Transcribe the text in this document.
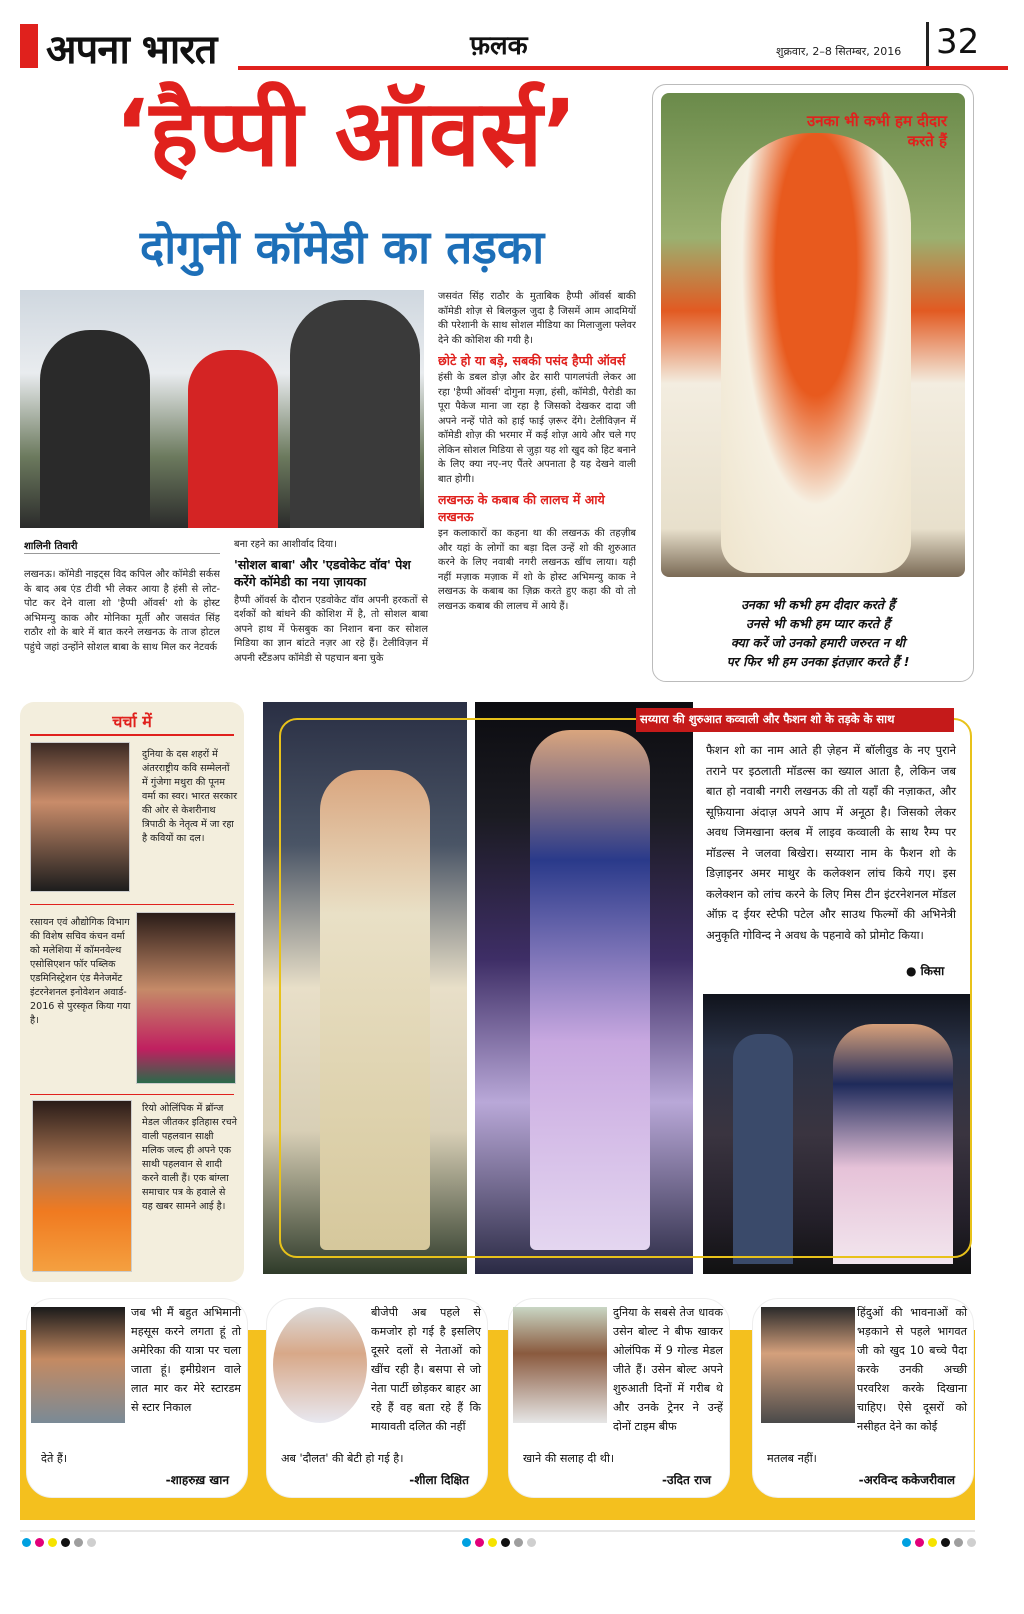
अपना भारत	फ़लक	शुक्रवार, 2–8 सितम्बर, 2016 32
‘हैप्पी ऑवर्स’
दोगुनी कॉमेडी का तड़का

जसवंत सिंह राठौर के मुताबिक हैप्पी ऑवर्स बाकी कॉमेडी शोज़ से बिलकुल जुदा है जिसमें आम आदमियों की परेशानी के साथ सोशल मीडिया का मिलाजुला फ्लेवर देने की कोशिश की गयी है।

छोटे हो या बड़े, सबकी पसंद हैप्पी ऑवर्स

हंसी के डबल डोज़ और ढेर सारी पागलपंती लेकर आ रहा 'हैप्पी ऑवर्स' दोगुना मज़ा, हंसी, कॉमेडी, पैरोडी का पूरा पैकेज माना जा रहा है जिसको देखकर दादा जी अपने नन्हें पोते को हाई फाई ज़रूर देंगे। टेलीविज़न में कॉमेडी शोज़ की भरमार में कई शोज़ आये और चले गए लेकिन सोशल मिडिया से जुड़ा यह शो खुद को हिट बनाने के लिए क्या नए-नए पैंतरे अपनाता है यह देखने वाली बात होगी।

लखनऊ के कबाब की लालच में आये लखनऊ

इन कलाकारों का कहना था की लखनऊ की तहज़ीब और यहां के लोगों का बड़ा दिल उन्हें शो की शुरुआत करने के लिए नवाबी नगरी लखनऊ खींच लाया। यही नहीं मज़ाक मज़ाक में शो के होस्ट अभिमन्यु काक ने लखनऊ के कबाब का ज़िक्र करते हुए कहा की वो तो लखनऊ कबाब की लालच में आये हैं।

शालिनी तिवारी

लखनऊ। कॉमेडी नाइट्स विद कपिल और कॉमेडी सर्कस के बाद अब एंड टीवी भी लेकर आया है हंसी से लोट-पोट कर देने वाला शो 'हैप्पी ऑवर्स' शो के होस्ट अभिमन्यु काक और मोनिका मूर्ती और जसवंत सिंह राठौर शो के बारे में बात करने लखनऊ के ताज होटल पहुंचे जहां उन्होंने सोशल बाबा के साथ मिल कर नेटवर्क

बना रहने का आशीर्वाद दिया।

'सोशल बाबा' और 'एडवोकेट वॉव' पेश करेंगे कॉमेडी का नया ज़ायका

हैप्पी ऑवर्स के दौरान एडवोकेट वॉव अपनी हरकतों से दर्शकों को बांधने की कोशिश में है, तो सोशल बाबा अपने हाथ में फेसबुक का निशान बना कर सोशल मिडिया का ज्ञान बांटते नज़र आ रहे हैं। टेलीविज़न में अपनी स्टैंडअप कॉमेडी से पहचान बना चुके

उनका भी कभी हम दीदार करते हैं
उनका भी कभी हम दीदार करते हैं
उनसे भी कभी हम प्यार करते हैं
क्या करें जो उनको हमारी जरुरत न थी
पर फिर भी हम उनका इंतज़ार करते हैं !
चर्चा में
दुनिया के दस शहरों में अंतरराष्ट्रीय कवि सम्मेलनों में गुंजेगा मथुरा की पूनम वर्मा का स्वर। भारत सरकार की ओर से केशरीनाथ त्रिपाठी के नेतृत्व में जा रहा है कवियों का दल।
रसायन एवं औद्योगिक विभाग की विशेष सचिव कंचन वर्मा को मलेशिया में कॉमनवेल्थ एसोसिएशन फॉर पब्लिक एडमिनिस्ट्रेशन एंड मैनेजमेंट इंटरनेशनल इनोवेशन अवार्ड- 2016 से पुरस्कृत किया गया है।
रियो ओलिंपिक में ब्रॉन्ज मेडल जीतकर इतिहास रचने वाली पहलवान साक्षी मलिक जल्द ही अपने एक साथी पहलवान से शादी करने वाली हैं। एक बांग्ला समाचार पत्र के हवाले से यह खबर सामने आई है।
सय्यारा की शुरुआत कव्वाली और फैशन शो के तड़के के साथ
फैशन शो का नाम आते ही ज़ेहन में बॉलीवुड के नए पुराने तराने पर इठलाती मॉडल्स का ख्याल आता है, लेकिन जब बात हो नवाबी नगरी लखनऊ की तो यहाँ की नज़ाकत, और सूफ़ियाना अंदाज़ अपने आप में अनूठा है। जिसको लेकर अवध जिमखाना क्लब में लाइव कव्वाली के साथ रैम्प पर मॉडल्स ने जलवा बिखेरा। सय्यारा नाम के फैशन शो के डिज़ाइनर अमर माथुर के कलेक्शन लांच किये गए। इस कलेक्शन को लांच करने के लिए मिस टीन इंटरनेशनल मॉडल ऑफ़ द ईयर स्टेफी पटेल और साउथ फिल्मों की अभिनेत्री अनुकृति गोविन्द ने अवध के पहनावे को प्रोमोट किया।
● किसा
जब भी मैं बहुत अभिमानी महसूस करने लगता हूं तो अमेरिका की यात्रा पर चला जाता हूं। इमीग्रेशन वाले लात मार कर मेरे स्टारडम से स्टार निकाल
देते हैं।
-शाहरुख़ खान
बीजेपी अब पहले से कमजोर हो गई है इसलिए दूसरे दलों से नेताओं को खींच रही है। बसपा से जो नेता पार्टी छोड़कर बाहर आ रहे हैं वह बता रहे हैं कि मायावती दलित की नहीं
अब 'दौलत' की बेटी हो गई है।
-शीला दिक्षित
दुनिया के सबसे तेज धावक उसेन बोल्ट ने बीफ खाकर ओलंपिक में 9 गोल्ड मेडल जीते हैं। उसेन बोल्ट अपने शुरुआती दिनों में गरीब थे और उनके ट्रेनर ने उन्हें दोनों टाइम बीफ
खाने की सलाह दी थी।
-उदित राज
हिंदुओं की भावनाओं को भड़काने से पहले भागवत जी को खुद 10 बच्चे पैदा करके उनकी अच्छी परवरिश करके दिखाना चाहिए। ऐसे दूसरों को नसीहत देने का कोई
मतलब नहीं।
-अरविन्द ककेजरीवाल
